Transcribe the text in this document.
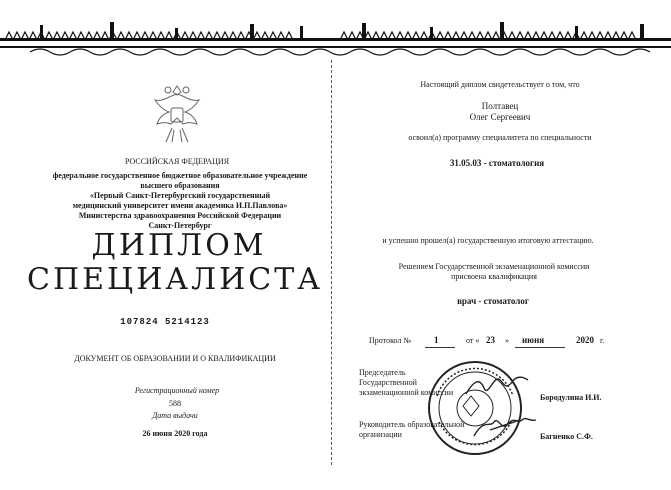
РОССИЙСКАЯ ФЕДЕРАЦИЯ
федеральное государственное бюджетное образовательное учреждение
высшего образования
«Первый Санкт-Петербургский государственный
медицинский университет имени академика И.П.Павлова»
Министерства здравоохранения Российской Федерации
Санкт-Петербург
ДИПЛОМ
СПЕЦИАЛИСТА
107824 5214123
ДОКУМЕНТ ОБ ОБРАЗОВАНИИ И О КВАЛИФИКАЦИИ
Регистрационный номер
588
Дата выдачи
26 июня 2020 года
Настоящий диплом свидетельствует о том, что
Полтавец
Олег Сергеевич
освоил(а) программу специалитета по специальности
31.05.03 - стоматология
и успешно прошел(а) государственную итоговую аттестацию.
Решением Государственной экзаменационной комиссии
присвоена квалификация
врач - стоматолог
Протокол №	1	от « 23 » июня	2020 г.
Председатель
Государственной
экзаменационной комиссии
Бородулина И.И.
Руководитель образовательной
организации	Багненко С.Ф.
